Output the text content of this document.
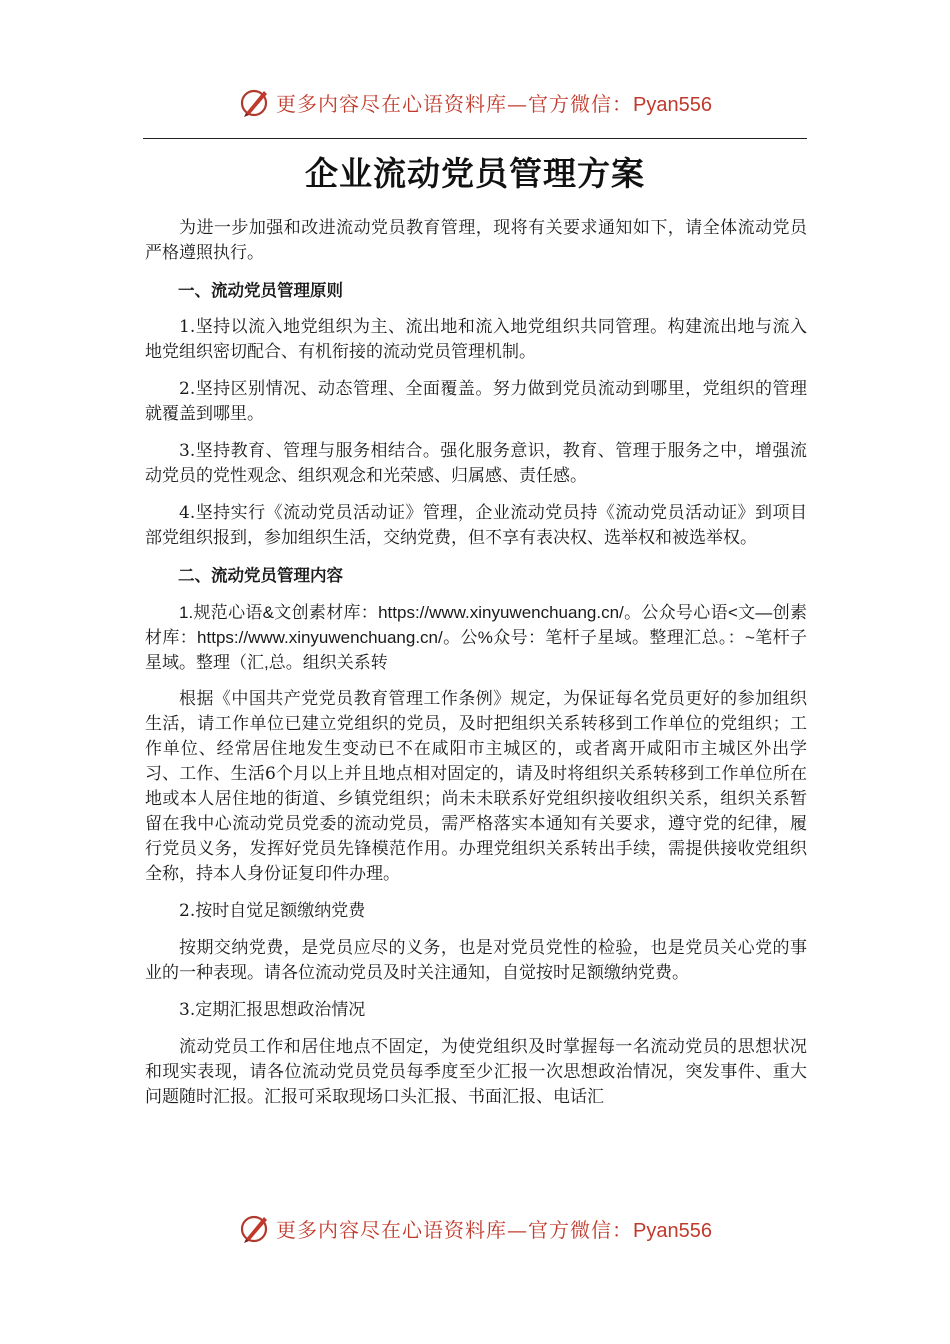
更多内容尽在心语资料库—官方微信：Pyan556
企业流动党员管理方案

为进一步加强和改进流动党员教育管理，现将有关要求通知如下，请全体流动党员严格遵照执行。

一、流动党员管理原则

1.坚持以流入地党组织为主、流出地和流入地党组织共同管理。构建流出地与流入地党组织密切配合、有机衔接的流动党员管理机制。

2.坚持区别情况、动态管理、全面覆盖。努力做到党员流动到哪里，党组织的管理就覆盖到哪里。

3.坚持教育、管理与服务相结合。强化服务意识，教育、管理于服务之中，增强流动党员的党性观念、组织观念和光荣感、归属感、责任感。

4.坚持实行《流动党员活动证》管理，企业流动党员持《流动党员活动证》到项目部党组织报到，参加组织生活，交纳党费，但不享有表决权、选举权和被选举权。

二、流动党员管理内容

1.规范心语&文创素材库：https://www.xinyuwenchuang.cn/。公众号心语<文—创素材库：https://www.xinyuwenchuang.cn/。公%众号：笔杆子星域。整理汇总。：~笔杆子星域。整理（汇,总。组织关系转

根据《中国共产党党员教育管理工作条例》规定，为保证每名党员更好的参加组织生活，请工作单位已建立党组织的党员，及时把组织关系转移到工作单位的党组织；工作单位、经常居住地发生变动已不在咸阳市主城区的，或者离开咸阳市主城区外出学习、工作、生活6个月以上并且地点相对固定的，请及时将组织关系转移到工作单位所在地或本人居住地的街道、乡镇党组织；尚未未联系好党组织接收组织关系，组织关系暂留在我中心流动党员党委的流动党员，需严格落实本通知有关要求，遵守党的纪律，履行党员义务，发挥好党员先锋模范作用。办理党组织关系转出手续，需提供接收党组织全称，持本人身份证复印件办理。

2.按时自觉足额缴纳党费

按期交纳党费，是党员应尽的义务，也是对党员党性的检验，也是党员关心党的事业的一种表现。请各位流动党员及时关注通知，自觉按时足额缴纳党费。

3.定期汇报思想政治情况

流动党员工作和居住地点不固定，为使党组织及时掌握每一名流动党员的思想状况和现实表现，请各位流动党员党员每季度至少汇报一次思想政治情况，突发事件、重大问题随时汇报。汇报可采取现场口头汇报、书面汇报、电话汇

更多内容尽在心语资料库—官方微信：Pyan556
